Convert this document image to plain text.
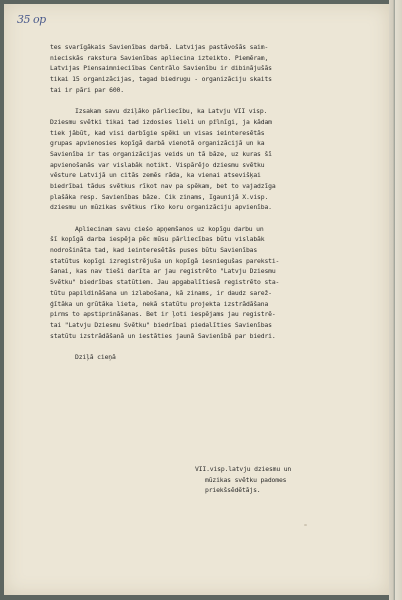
35 op
tes svarīgākais Savienības darbā. Latvijas pastāvošās saim-
nieciskās rakstura Savienības apliecina izteikto. Piemēram,
Latvijas Piensaimnieciības Centrālo Savienību ir dibinājušās
tikai 15 organizācijas, tagad biedrugu - organizāciju skaits
tai ir pāri par 600.
Izsakam savu dziļāko pārliecību, ka Latvju VII visp.
Dziesmu svētki tikai tad izdosies lieli un pilnīgi, ja kādam
tiek jābūt, kad visi darbīgie spēki un visas ieinteresētās
grupas apvienosies kopīgā darbā vienotā organizācijā un ka
Savienība ir tas organizācijas veids un tā bāze, uz kuras šī
apvienošanās var vislabāk notikt. Vispārējo dziesmu svētku
vēsture Latvijā un citās zemēs rāda, ka vienai atsevišķai
biedrībai tādus svētkus rīkot nav pa spēkam, bet to vajadzīga
plašāka resp. Savienības bāze. Cik zinams, Igaunijā X.visp.
dziesmu un mūzikas svētkus rīko koru organizāciju apvienība.
Apliecinam savu cieśo apņemšanos uz kopīgu darbu un
šī kopīgā darba iespēja pēc mūsu pārliecības būtu vislabāk
nodrošināta tad, kad ieinteresētās puses būtu Savienības
statūtus kopīgi izregistrējuša un kopīgā iesniegušas pareksti-
šanai, kas nav tieši darīta ar jau registrēto "Latvju Dziesmu
Svētku" biedrības statūtiem. Jau apgabalītiesā registrēto sta-
tūtu papildināšana un izlabošana, kā zinams, ir daudz sarež-
ģītāka un grūtāka lieta, nekā statūtu projekta izstrādāšana
pirms to apstiprināšanas. Bet ir ļoti iespējams jau registrē-
tai "Latvju Dziesmu Svētku" biedrībai piedalīties Savienības
statūtu izstrādāšanā un iestāties jaunā Savienībā par biedri.
Dziļā cieņā
VII.visp.latvju dziesmu un
mūzikas svētku padomes
priekšsēdētājs.
